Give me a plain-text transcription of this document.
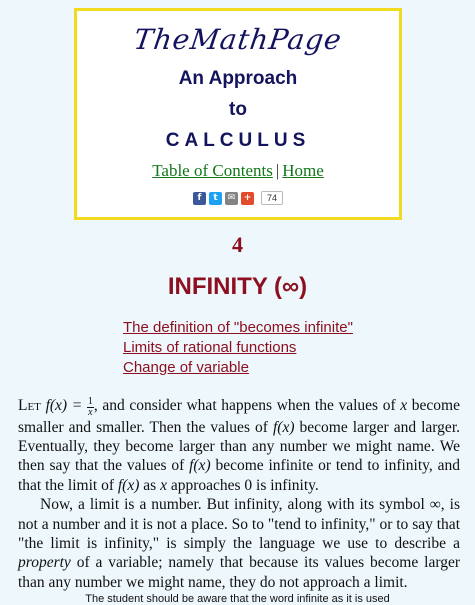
TheMathPage
An Approach
to
CALCULUS
Table of Contents | Home
f	t	✉ +	74
4
INFINITY (∞)
The definition of "becomes infinite"
Limits of rational functions
Change of variable

Let $f(x) = \frac{1}{x}$ , and consider what happens when the values of x become smaller and smaller. Then the values of f(x) become larger and larger. Eventually, they become larger than any number we might name. We then say that the values of f(x) become infinite or tend to infinity, and that the limit of f(x) as x approaches 0 is infinity.

Now, a limit is a number. But infinity, along with its symbol ∞, is not a number and it is not a place. So to "tend to infinity," or to say that "the limit is infinity," is simply the language we use to describe a property of a variable; namely that because its values become larger than any number we might name, they do not approach a limit.

The student should be aware that the word infinite as it is used
